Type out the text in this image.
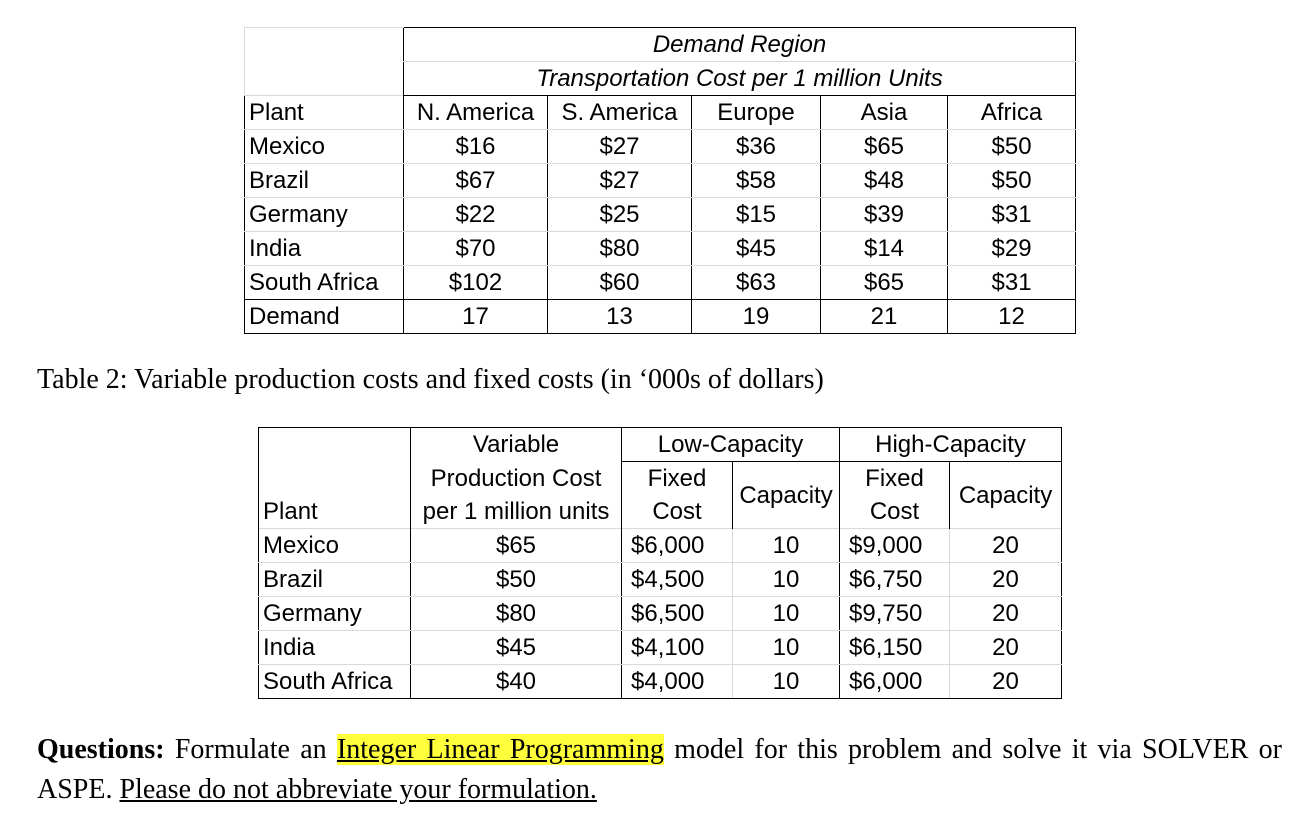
	Demand Region				
	Transportation Cost per 1 million Units				
Plant	N. America	S. America	Europe	Asia	Africa
Mexico	$16	$27	$36	$65	$50
Brazil	$67	$27	$58	$48	$50
Germany	$22	$25	$15	$39	$31
India	$70	$80	$45	$14	$29
South Africa	$102	$60	$63	$65	$31
Demand	17	13	19	21	12
Table 2: Variable production costs and fixed costs (in ‘000s of dollars)
	Variable	Low-Capacity		High-Capacity	
	Production Cost	Fixed	Capacity	Fixed	Capacity
Plant	per 1 million units	Cost		Cost	
Mexico	$65	$6,000	10	$9,000	20
Brazil	$50	$4,500	10	$6,750	20
Germany	$80	$6,500	10	$9,750	20
India	$45	$4,100	10	$6,150	20
South Africa	$40	$4,000	10	$6,000	20
Questions: Formulate an Integer Linear Programming model for this problem and solve it via SOLVER or ASPE. Please do not abbreviate your formulation.
